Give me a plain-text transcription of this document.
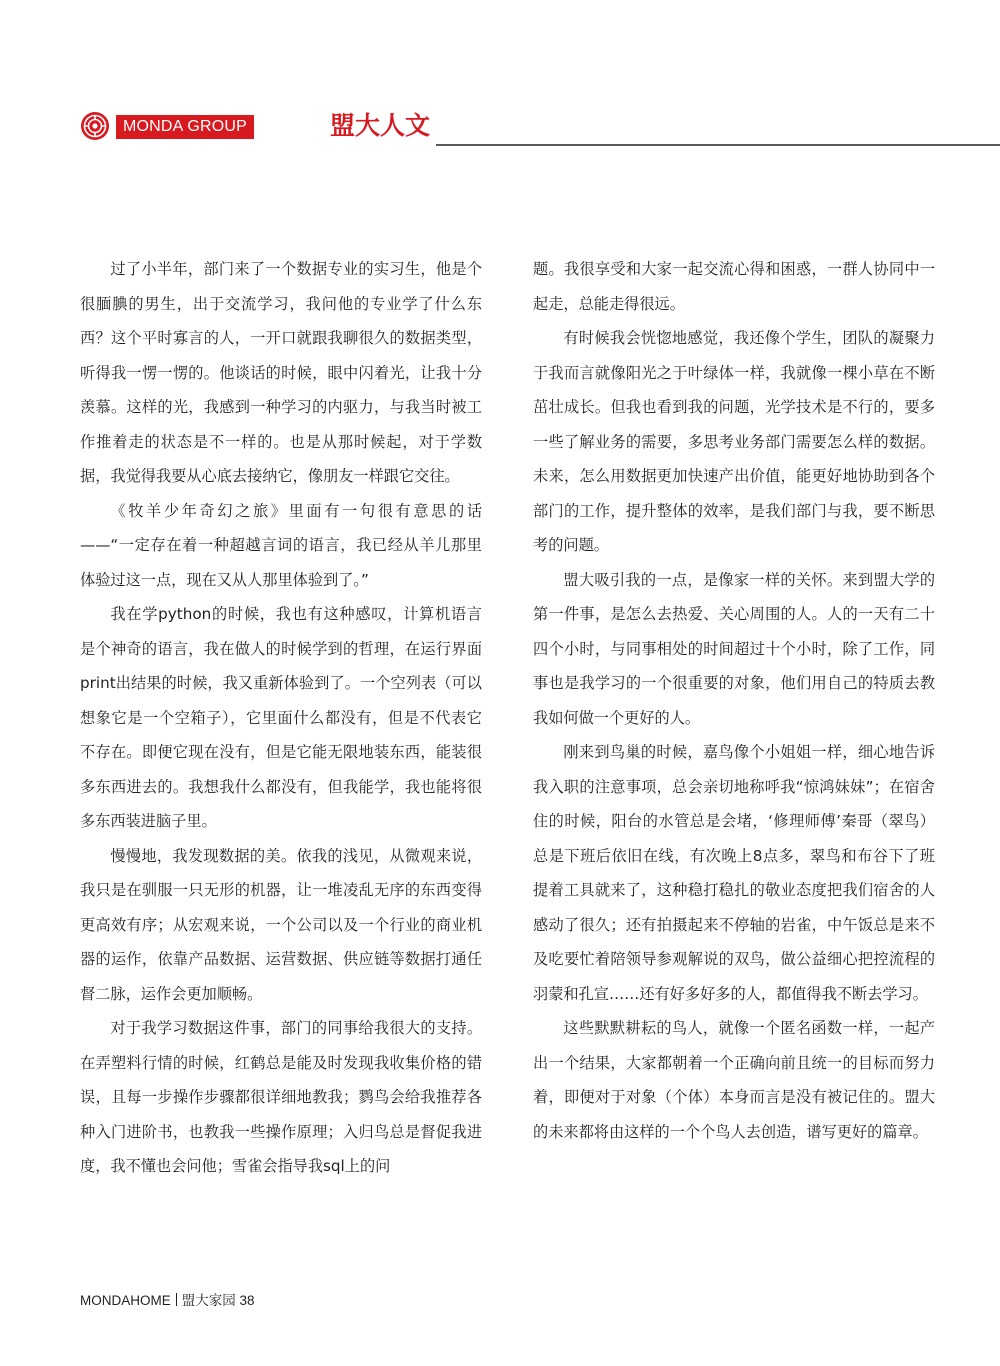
MONDA GROUP	盟大人文

过了小半年，部门来了一个数据专业的实习生，他是个很腼腆的男生，出于交流学习，我问他的专业学了什么东西？这个平时寡言的人，一开口就跟我聊很久的数据类型，听得我一愣一愣的。他谈话的时候，眼中闪着光，让我十分羡慕。这样的光，我感到一种学习的内驱力，与我当时被工作推着走的状态是不一样的。也是从那时候起，对于学数据，我觉得我要从心底去接纳它，像朋友一样跟它交往。

《牧羊少年奇幻之旅》里面有一句很有意思的话——“一定存在着一种超越言词的语言，我已经从羊儿那里体验过这一点，现在又从人那里体验到了。”

我在学python的时候，我也有这种感叹，计算机语言是个神奇的语言，我在做人的时候学到的哲理，在运行界面print出结果的时候，我又重新体验到了。一个空列表（可以想象它是一个空箱子），它里面什么都没有，但是不代表它不存在。即便它现在没有，但是它能无限地装东西，能装很多东西进去的。我想我什么都没有，但我能学，我也能将很多东西装进脑子里。

慢慢地，我发现数据的美。依我的浅见，从微观来说，我只是在驯服一只无形的机器，让一堆凌乱无序的东西变得更高效有序；从宏观来说，一个公司以及一个行业的商业机器的运作，依靠产品数据、运营数据、供应链等数据打通任督二脉，运作会更加顺畅。

对于我学习数据这件事，部门的同事给我很大的支持。在弄塑料行情的时候，红鹤总是能及时发现我收集价格的错误，且每一步操作步骤都很详细地教我；鹨鸟会给我推荐各种入门进阶书，也教我一些操作原理；入归鸟总是督促我进度，我不懂也会问他；雪雀会指导我sql上的问

题。我很享受和大家一起交流心得和困惑，一群人协同中一起走，总能走得很远。

有时候我会恍惚地感觉，我还像个学生，团队的凝聚力于我而言就像阳光之于叶绿体一样，我就像一棵小草在不断茁壮成长。但我也看到我的问题，光学技术是不行的，要多一些了解业务的需要，多思考业务部门需要怎么样的数据。未来，怎么用数据更加快速产出价值，能更好地协助到各个部门的工作，提升整体的效率，是我们部门与我，要不断思考的问题。

盟大吸引我的一点，是像家一样的关怀。来到盟大学的第一件事，是怎么去热爱、关心周围的人。人的一天有二十四个小时，与同事相处的时间超过十个小时，除了工作，同事也是我学习的一个很重要的对象，他们用自己的特质去教我如何做一个更好的人。

刚来到鸟巢的时候，嘉鸟像个小姐姐一样，细心地告诉我入职的注意事项，总会亲切地称呼我“惊鸿妹妹”；在宿舍住的时候，阳台的水管总是会堵，‘修理师傅’秦哥（翠鸟）总是下班后依旧在线，有次晚上8点多，翠鸟和布谷下了班提着工具就来了，这种稳打稳扎的敬业态度把我们宿舍的人感动了很久；还有拍摄起来不停轴的岩雀，中午饭总是来不及吃要忙着陪领导参观解说的双鸟，做公益细心把控流程的羽蒙和孔宣……还有好多好多的人，都值得我不断去学习。

这些默默耕耘的鸟人，就像一个匿名函数一样，一起产出一个结果，大家都朝着一个正确向前且统一的目标而努力着，即便对于对象（个体）本身而言是没有被记住的。盟大的未来都将由这样的一个个鸟人去创造，谱写更好的篇章。

MONDAHOME 盟大家园 38
